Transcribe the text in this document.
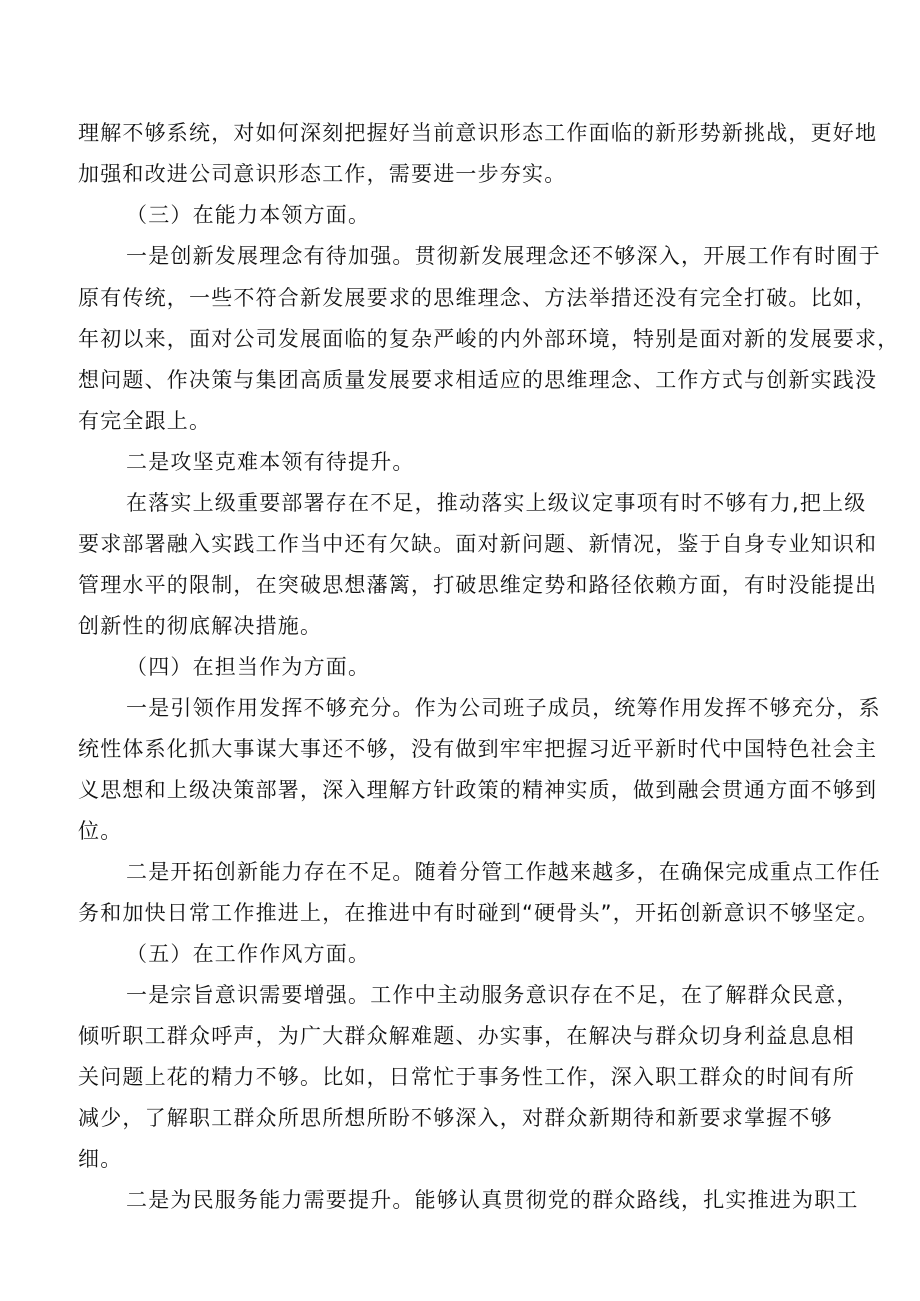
理解不够系统，对如何深刻把握好当前意识形态工作面临的新形势新挑战，更好地
加强和改进公司意识形态工作，需要进一步夯实。
（三）在能力本领方面。
一是创新发展理念有待加强。贯彻新发展理念还不够深入，开展工作有时囿于
原有传统，一些不符合新发展要求的思维理念、方法举措还没有完全打破。比如，
年初以来，面对公司发展面临的复杂严峻的内外部环境，特别是面对新的发展要求，
想问题、作决策与集团高质量发展要求相适应的思维理念、工作方式与创新实践没
有完全跟上。
二是攻坚克难本领有待提升。
在落实上级重要部署存在不足，推动落实上级议定事项有时不够有力,把上级
要求部署融入实践工作当中还有欠缺。面对新问题、新情况，鉴于自身专业知识和
管理水平的限制，在突破思想藩篱，打破思维定势和路径依赖方面，有时没能提出
创新性的彻底解决措施。
（四）在担当作为方面。
一是引领作用发挥不够充分。作为公司班子成员，统筹作用发挥不够充分，系
统性体系化抓大事谋大事还不够，没有做到牢牢把握习近平新时代中国特色社会主
义思想和上级决策部署，深入理解方针政策的精神实质，做到融会贯通方面不够到
位。
二是开拓创新能力存在不足。随着分管工作越来越多，在确保完成重点工作任
务和加快日常工作推进上，在推进中有时碰到“硬骨头”，开拓创新意识不够坚定。
（五）在工作作风方面。
一是宗旨意识需要增强。工作中主动服务意识存在不足，在了解群众民意，
倾听职工群众呼声，为广大群众解难题、办实事，在解决与群众切身利益息息相
关问题上花的精力不够。比如，日常忙于事务性工作，深入职工群众的时间有所
减少，了解职工群众所思所想所盼不够深入，对群众新期待和新要求掌握不够
细。
二是为民服务能力需要提升。能够认真贯彻党的群众路线，扎实推进为职工
